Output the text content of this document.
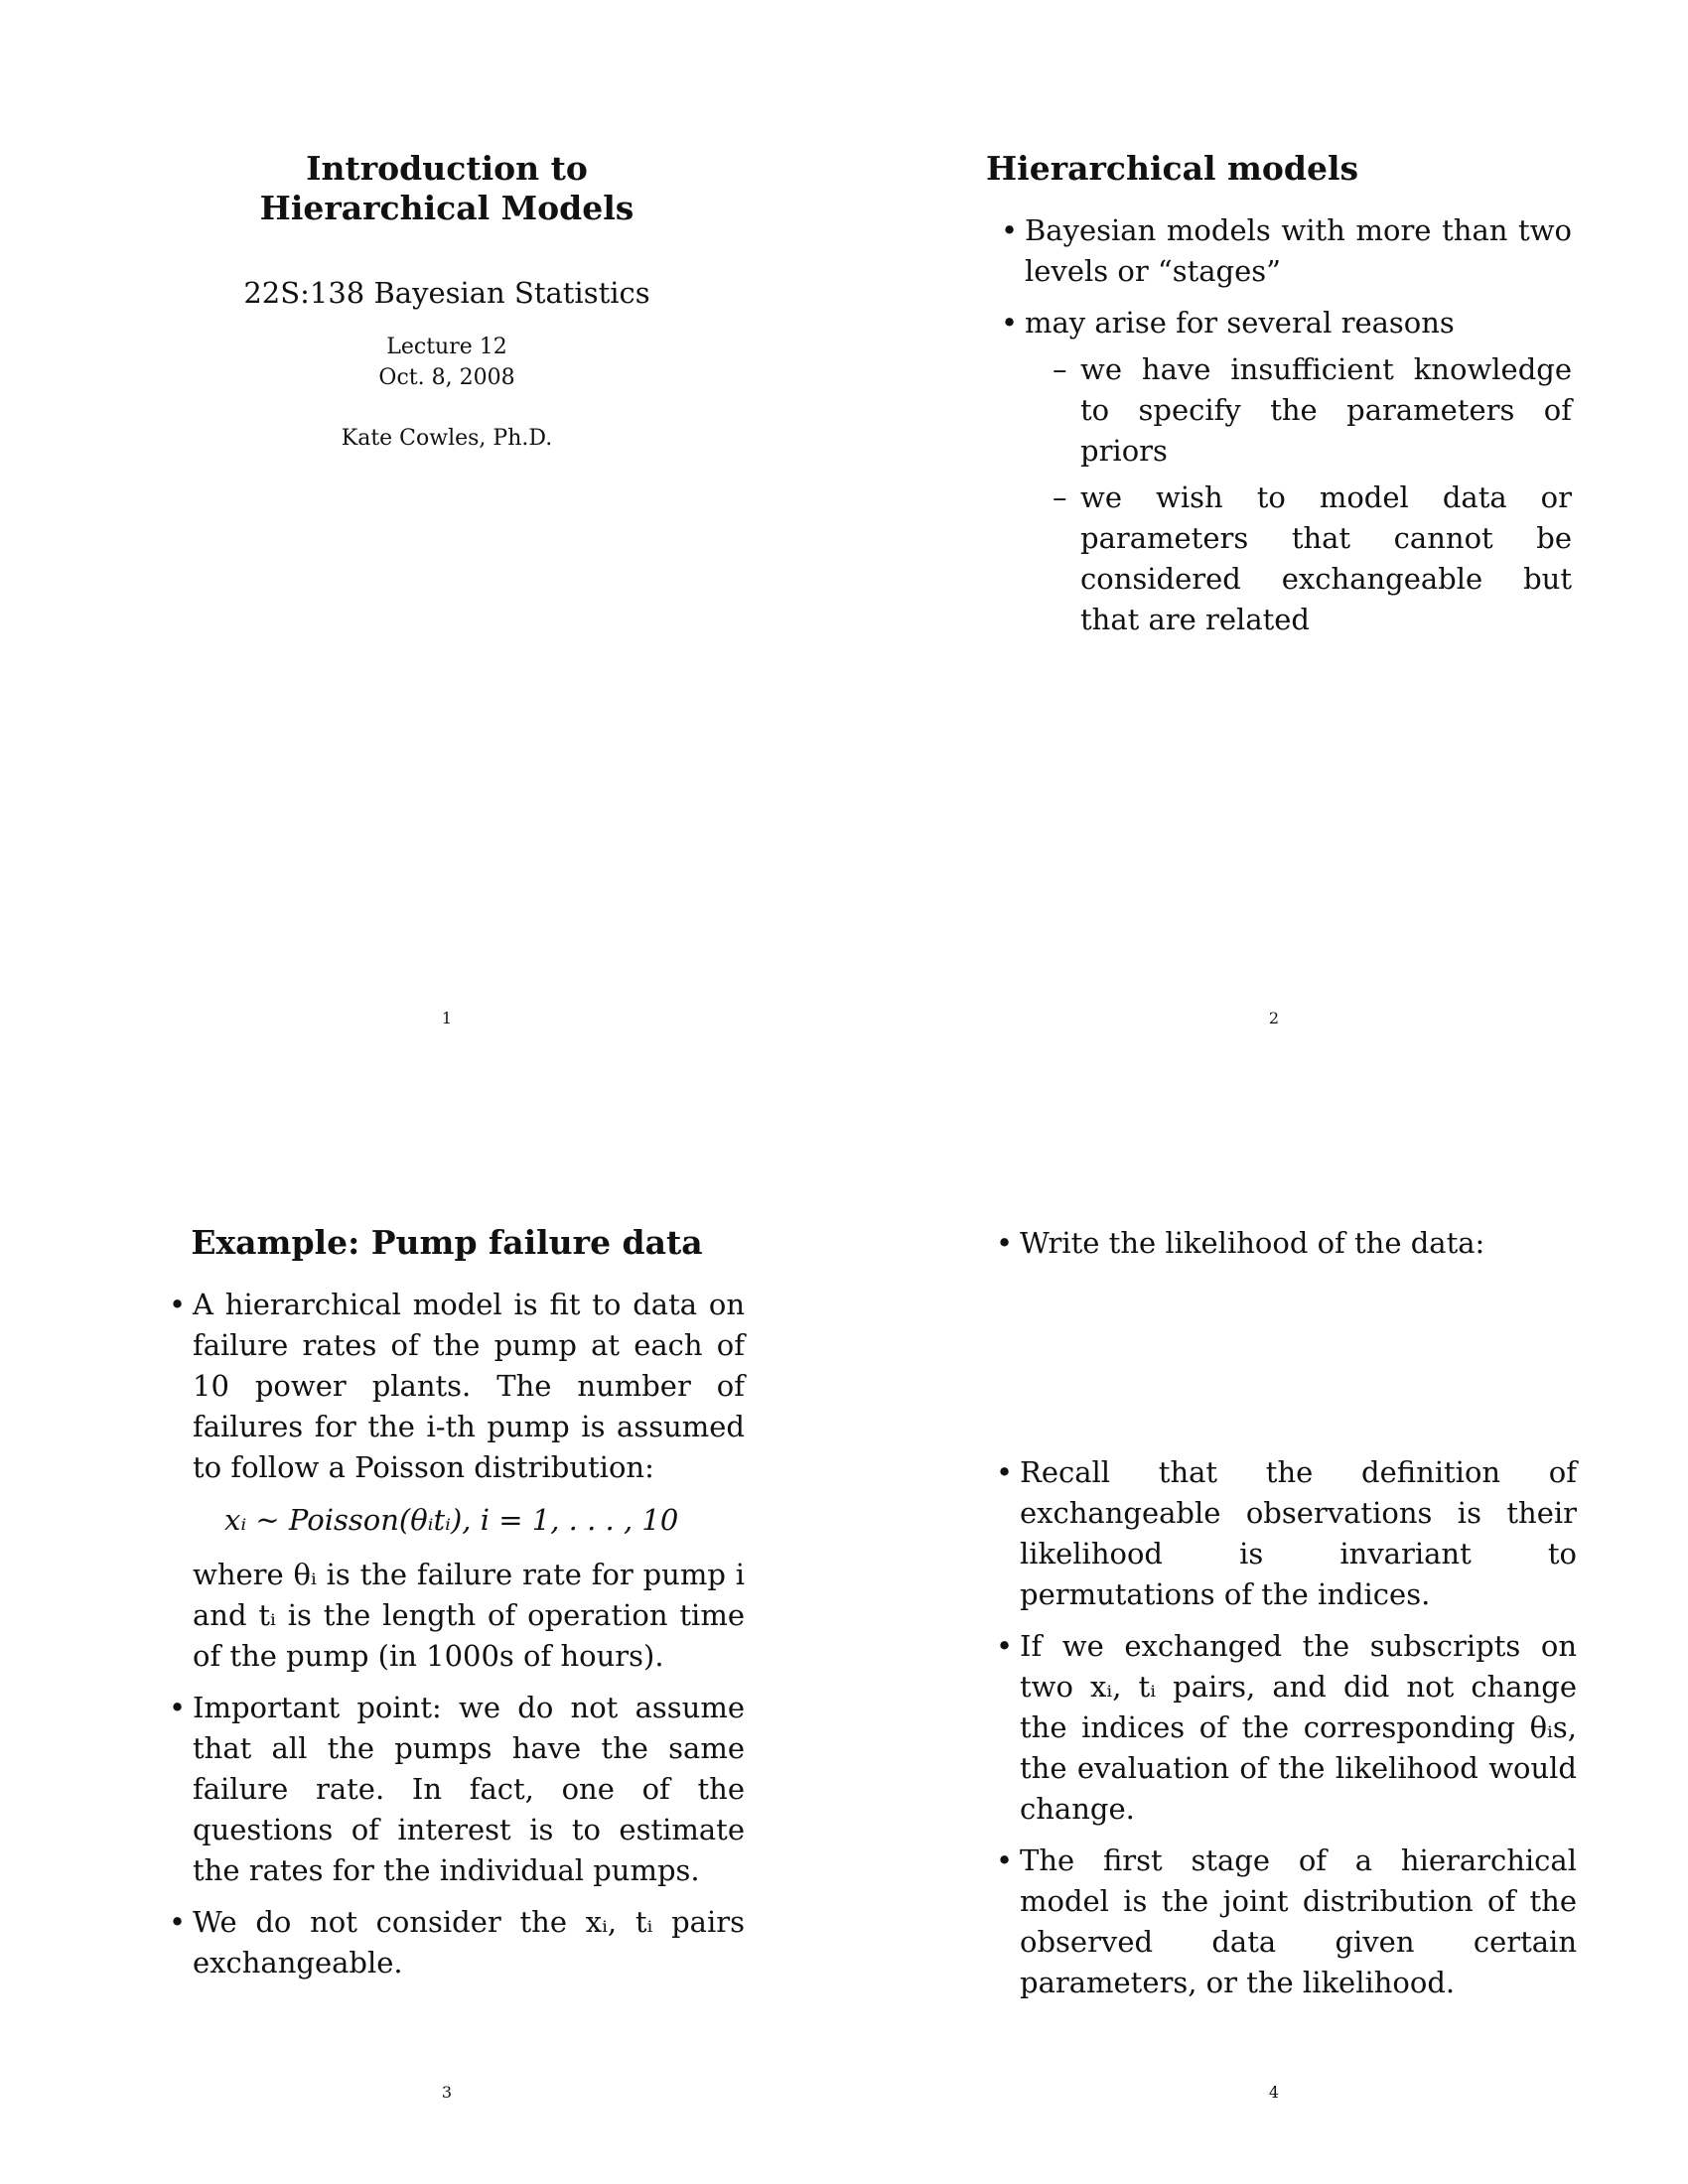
Introduction to Hierarchical Models
22S:138 Bayesian Statistics
Lecture 12
Oct. 8, 2008
Kate Cowles, Ph.D.
1
Hierarchical models
• Bayesian models with more than two levels or “stages”
• may arise for several reasons
– we have insufficient knowledge to specify the parameters of priors
– we wish to model data or parameters that cannot be considered exchangeable but that are related
2
Example: Pump failure data
• A hierarchical model is fit to data on failure rates of the pump at each of 10 power plants. The number of failures for the i-th pump is assumed to follow a Poisson distribution:
xᵢ ~ Poisson(θᵢtᵢ), i = 1, . . . , 10
where θᵢ is the failure rate for pump i and tᵢ is the length of operation time of the pump (in 1000s of hours).
• Important point: we do not assume that all the pumps have the same failure rate. In fact, one of the questions of interest is to estimate the rates for the individual pumps.
• We do not consider the xᵢ, tᵢ pairs exchangeable.
3
• Write the likelihood of the data:
• Recall that the definition of exchangeable observations is their likelihood is invariant to permutations of the indices.
• If we exchanged the subscripts on two xᵢ, tᵢ pairs, and did not change the indices of the corresponding θᵢs, the evaluation of the likelihood would change.
• The first stage of a hierarchical model is the joint distribution of the observed data given certain parameters, or the likelihood.
4
